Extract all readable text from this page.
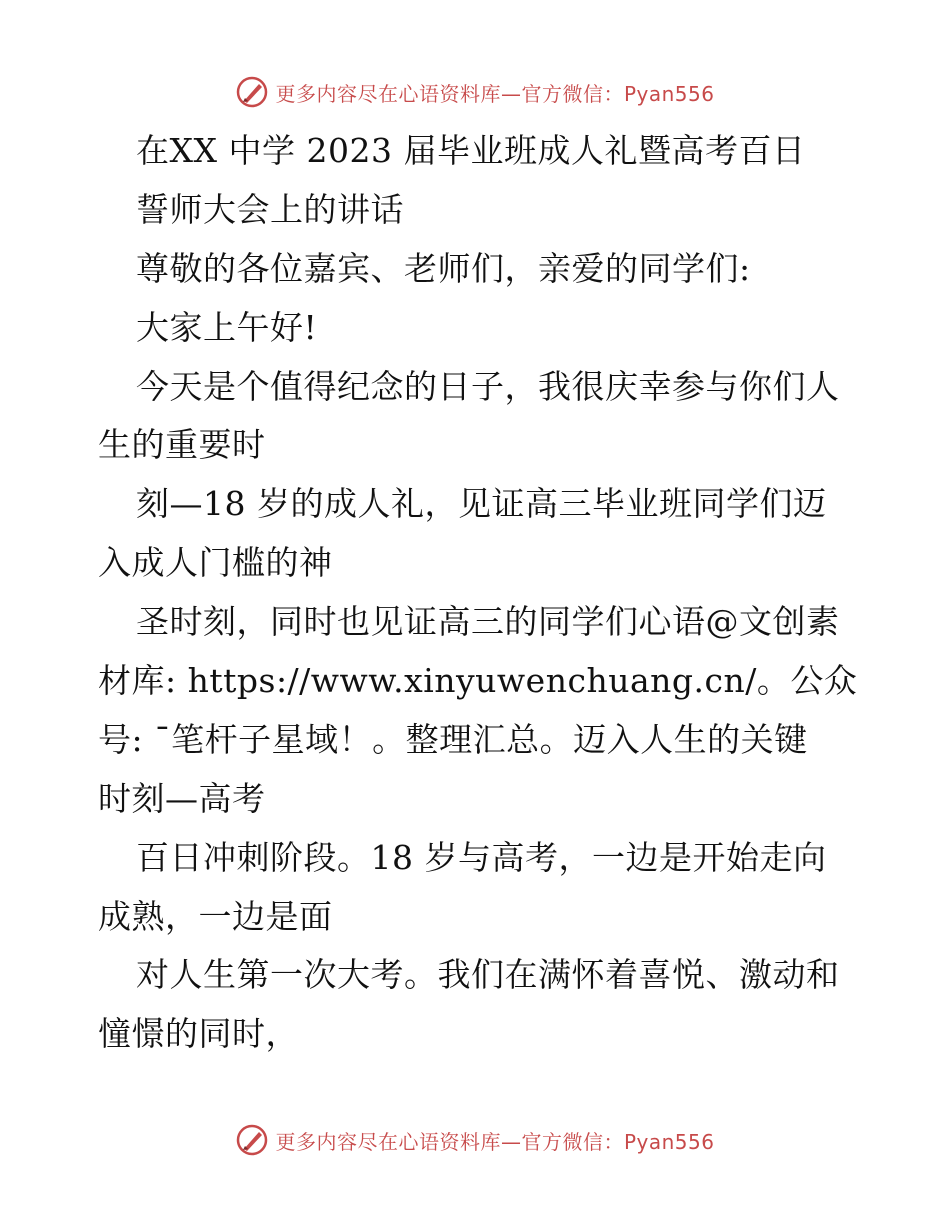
更多内容尽在心语资料库—官方微信：Pyan556
在XX 中学 2023 届毕业班成人礼暨高考百日
誓师大会上的讲话
尊敬的各位嘉宾、老师们，亲爱的同学们:
大家上午好!
今天是个值得纪念的日子，我很庆幸参与你们人
生的重要时
刻—18 岁的成人礼，见证高三毕业班同学们迈
入成人门槛的神
圣时刻，同时也见证高三的同学们心语@文创素
材库: https://www.xinyuwenchuang.cn/。公众
号: ¯笔杆子星域！。整理汇总。迈入人生的关键
时刻—高考
百日冲刺阶段。18 岁与高考，一边是开始走向
成熟，一边是面
对人生第一次大考。我们在满怀着喜悦、激动和
憧憬的同时，
更多内容尽在心语资料库—官方微信：Pyan556
